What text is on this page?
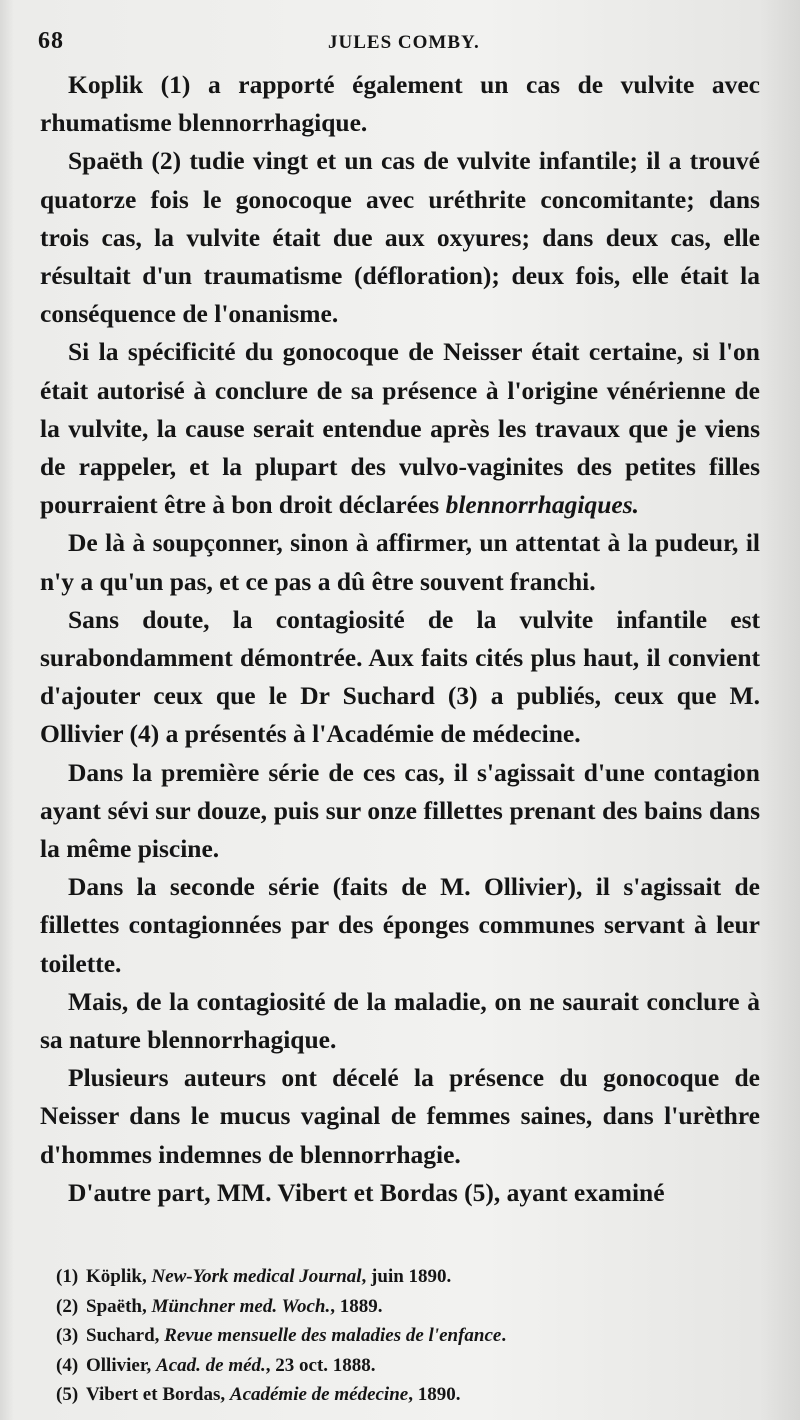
68	JULES COMBY.

Koplik (1) a rapporté également un cas de vulvite avec rhumatisme blennorrhagique.

Spaëth (2) tudie vingt et un cas de vulvite infantile; il a trouvé quatorze fois le gonocoque avec uréthrite concomitante; dans trois cas, la vulvite était due aux oxyures; dans deux cas, elle résultait d'un traumatisme (défloration); deux fois, elle était la conséquence de l'onanisme.

Si la spécificité du gonocoque de Neisser était certaine, si l'on était autorisé à conclure de sa présence à l'origine vénérienne de la vulvite, la cause serait entendue après les travaux que je viens de rappeler, et la plupart des vulvo-vaginites des petites filles pourraient être à bon droit déclarées blennorrhagiques.

De là à soupçonner, sinon à affirmer, un attentat à la pudeur, il n'y a qu'un pas, et ce pas a dû être souvent franchi.

Sans doute, la contagiosité de la vulvite infantile est surabondamment démontrée. Aux faits cités plus haut, il convient d'ajouter ceux que le Dr Suchard (3) a publiés, ceux que M. Ollivier (4) a présentés à l'Académie de médecine.

Dans la première série de ces cas, il s'agissait d'une contagion ayant sévi sur douze, puis sur onze fillettes prenant des bains dans la même piscine.

Dans la seconde série (faits de M. Ollivier), il s'agissait de fillettes contagionnées par des éponges communes servant à leur toilette.

Mais, de la contagiosité de la maladie, on ne saurait conclure à sa nature blennorrhagique.

Plusieurs auteurs ont décelé la présence du gonocoque de Neisser dans le mucus vaginal de femmes saines, dans l'urèthre d'hommes indemnes de blennorrhagie.

D'autre part, MM. Vibert et Bordas (5), ayant examiné

(1) Köplik, New-York medical Journal, juin 1890.

(2) Spaëth, Münchner med. Woch., 1889.

(3) Suchard, Revue mensuelle des maladies de l'enfance.

(4) Ollivier, Acad. de méd., 23 oct. 1888.

(5) Vibert et Bordas, Académie de médecine, 1890.
